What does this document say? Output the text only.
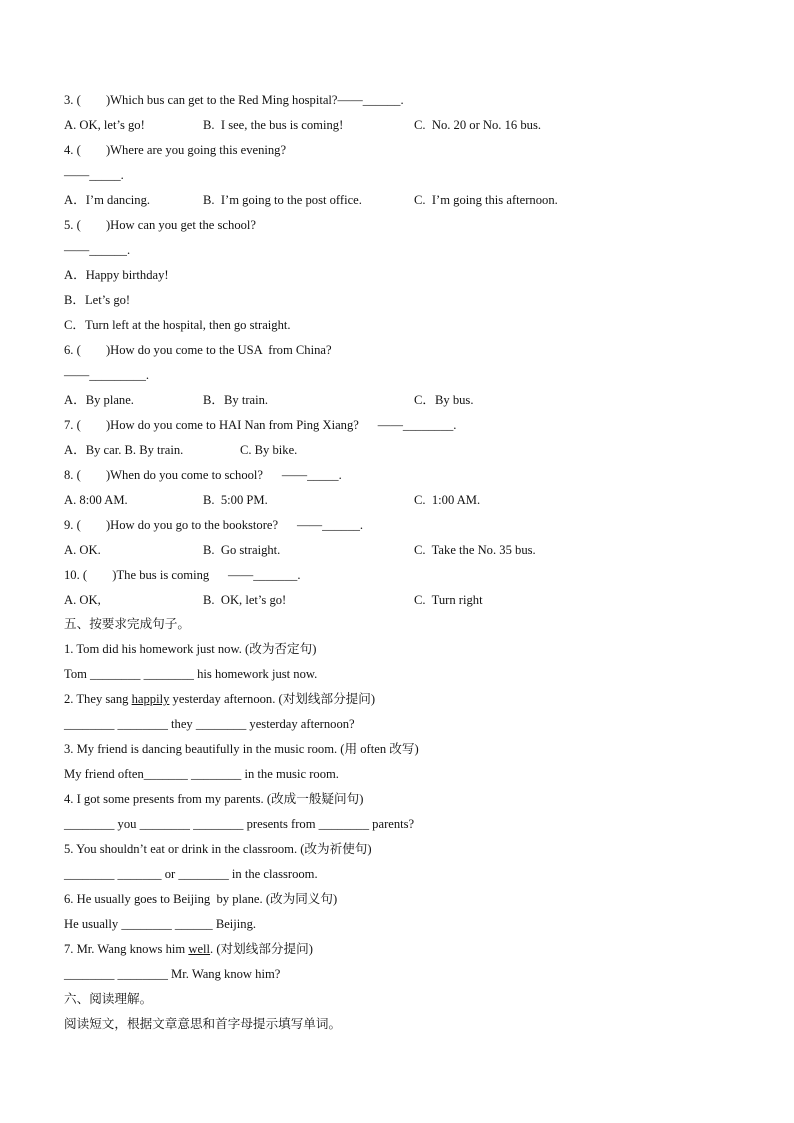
3. (        )Which bus can get to the Red Ming hospital?——______.
A. OK, let’s go!	B.  I see, the bus is coming!	C.  No. 20 or No. 16 bus.
4. (        )Where are you going this evening?
——_____.
A．I’m dancing.	B.  I’m going to the post office.	C.  I’m going this afternoon.
5. (        )How can you get the school?
——______.
A．Happy birthday!
B．Let’s go!
C．Turn left at the hospital, then go straight.
6. (        )How do you come to the USA  from China?
——_________.
A．By plane.	B．By train.	C．By bus.
7. (        )How do you come to HAI Nan from Ping Xiang?      ——________.
A．By car. B. By train.                  C. By bike.
8. (        )When do you come to school?      ——_____.
A. 8:00 AM.	B.  5:00 PM.	C.  1:00 AM.
9. (        )How do you go to the bookstore?      ——______.
A. OK.	B.  Go straight.	C.  Take the No. 35 bus.
10. (        )The bus is coming      ——_______.
A. OK,	B.  OK, let’s go!	C.  Turn right
五、按要求完成句子。
1. Tom did his homework just now. (改为否定句)
Tom ________ ________ his homework just now.
2. They sang happily yesterday afternoon. (对划线部分提问)
________ ________ they ________ yesterday afternoon?
3. My friend is dancing beautifully in the music room. (用 often 改写)
My friend often_______ ________ in the music room.
4. I got some presents from my parents. (改成一般疑问句)
________ you ________ ________ presents from ________ parents?
5. You shouldn’t eat or drink in the classroom. (改为祈使句)
________ _______ or ________ in the classroom.
6. He usually goes to Beijing  by plane. (改为同义句)
He usually ________ ______ Beijing.
7. Mr. Wang knows him well. (对划线部分提问)
________ ________ Mr. Wang know him?
六、阅读理解。
阅读短文，根据文章意思和首字母提示填写单词。
